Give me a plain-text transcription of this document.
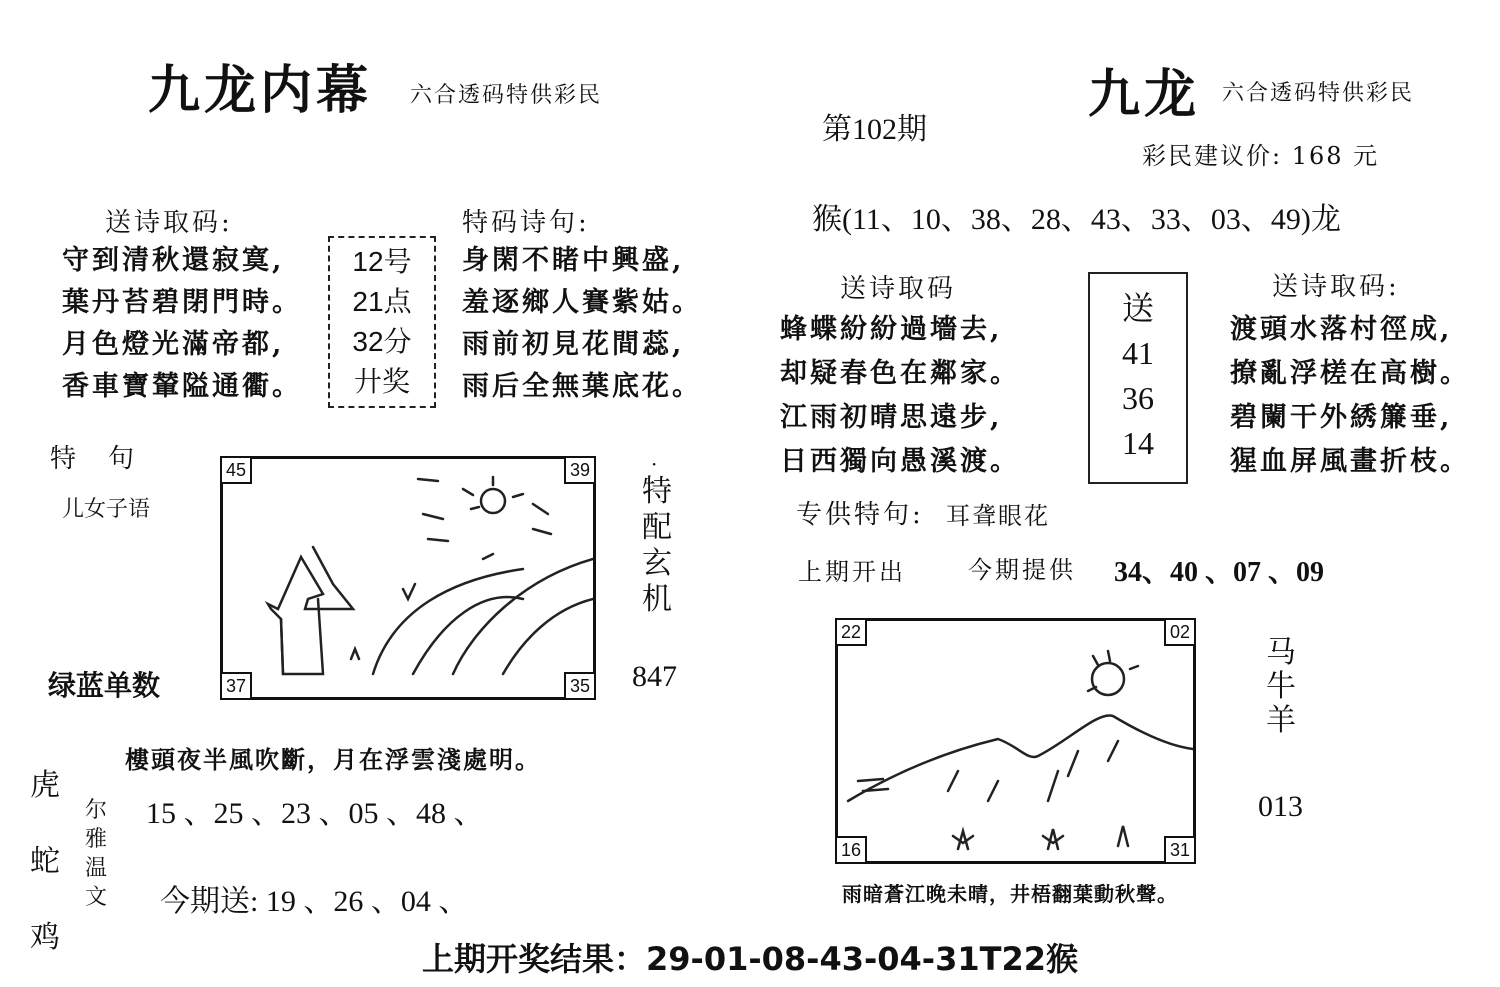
九龙内幕 六合透码特供彩民
送诗取码:
守到清秋還寂寞,
葉丹苔碧閉門時。
月色燈光滿帝都,
香車寶輦隘通衢。
12号
21点
32分
廾奖
特码诗句:
身閑不睹中興盛,
羞逐鄉人賽紫姑。
雨前初見花間蕊,
雨后全無葉底花。
特　句
儿女子语
绿蓝单数
45	39
37	35
·
特
配
玄
机
847
虎
蛇
鸡
樓頭夜半風吹斷，月在浮雲淺處明。
尔
雅
温
文
15 、25 、23 、05 、48 、
今期送: 19 、26 、04 、
九龙 六合透码特供彩民
第102期
彩民建议价: 168 元
猴(11、10、38、28、43、33、03、49)龙
送诗取码
蜂蝶紛紛過墻去,
却疑春色在鄰家。
江雨初晴思遠步,
日西獨向愚溪渡。
送
41
36
14
送诗取码:
渡頭水落村徑成,
撩亂浮槎在高樹。
碧闌干外綉簾垂,
猩血屏風畫折枝。
专供特句: 耳聋眼花
上期开出	今期提供 34、40 、07 、09
22	02
16	31
马
牛
羊
013
雨暗蒼江晚未晴，井梧翻葉動秋聲。
上期开奖结果：29-01-08-43-04-31T22猴
